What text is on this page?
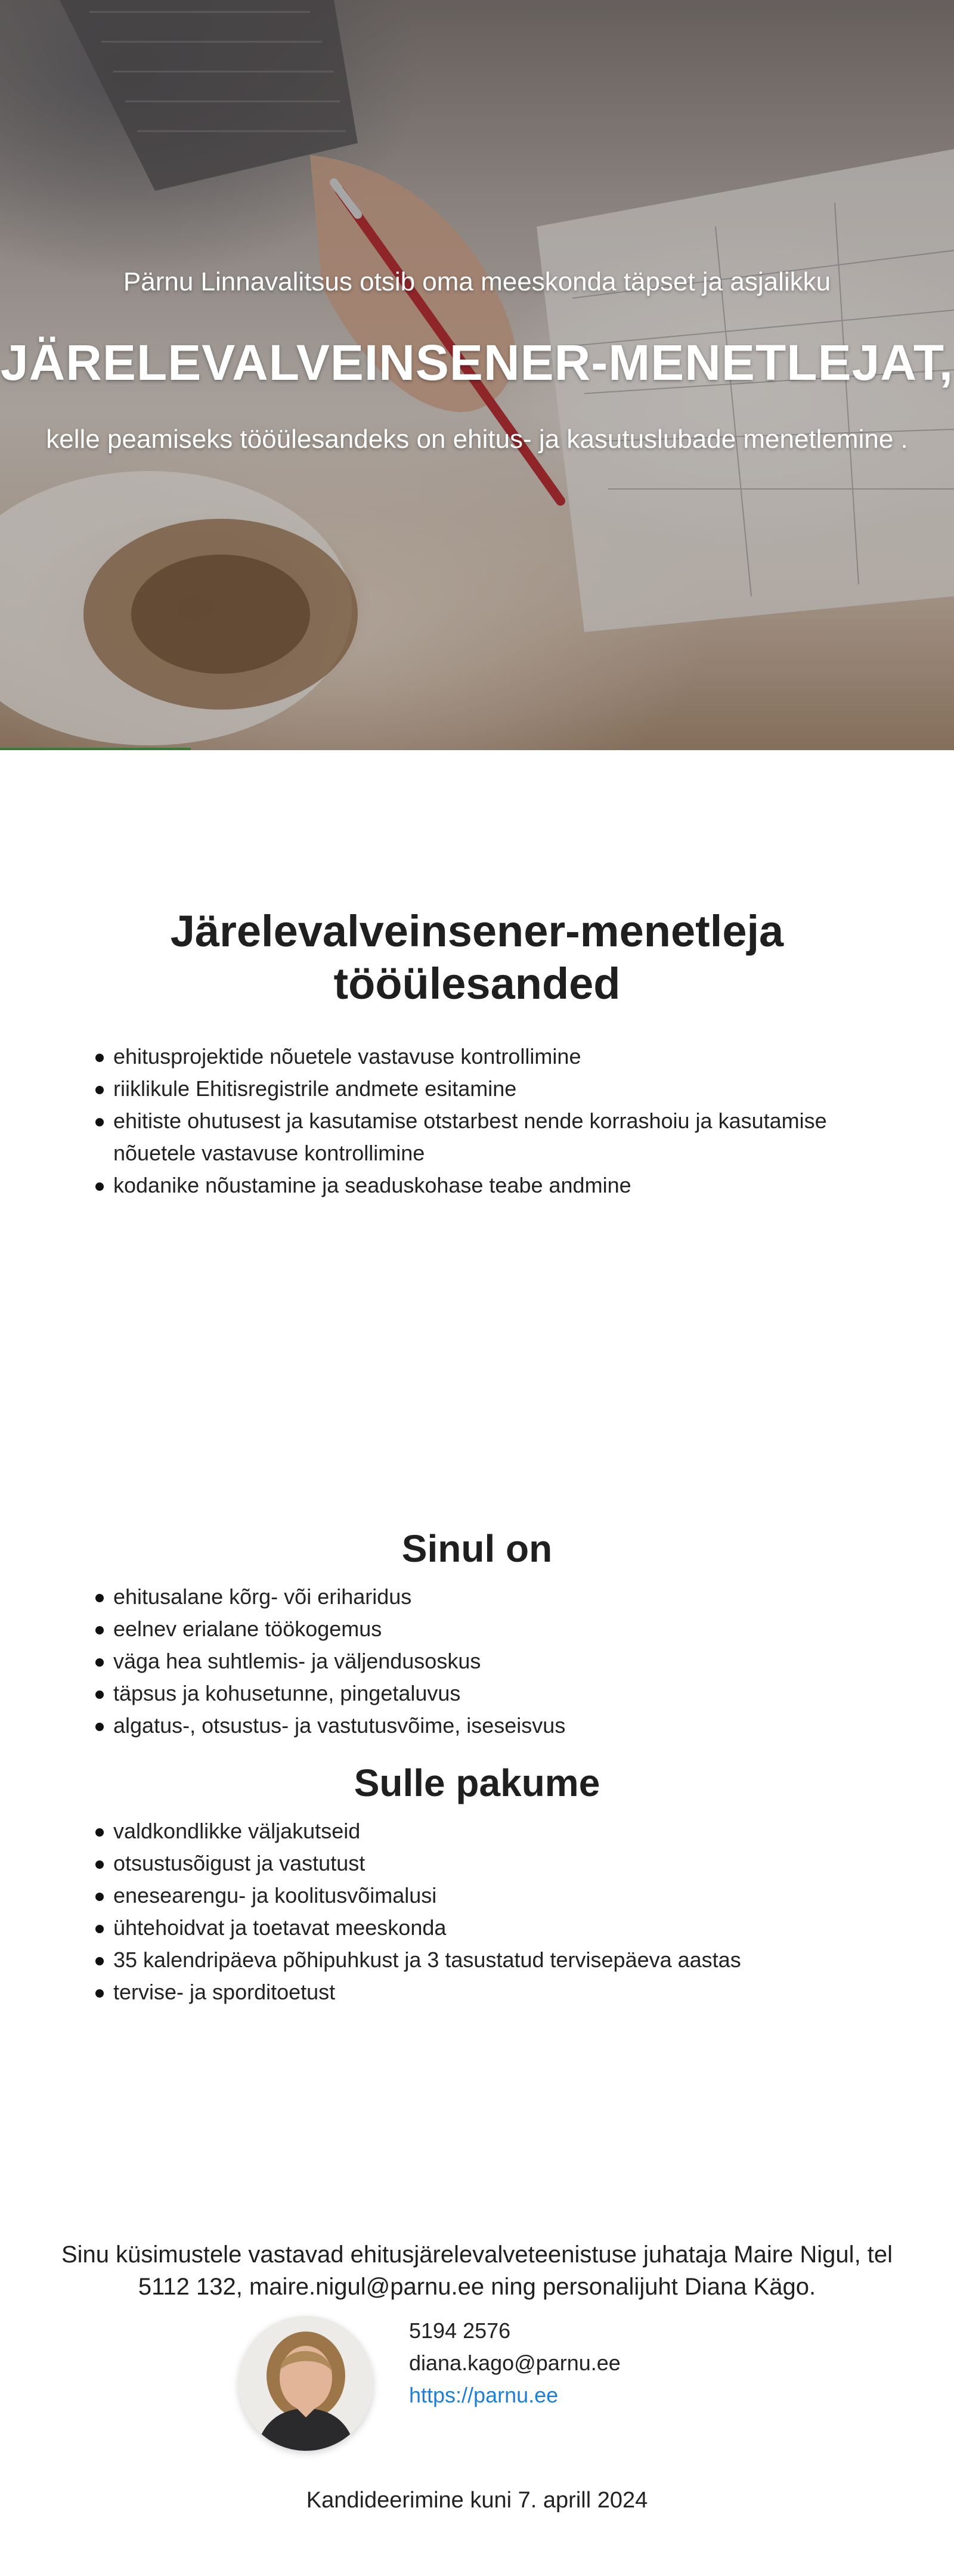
Pärnu Linnavalitsus otsib oma meeskonda täpset ja asjalikku
JÄRELEVALVEINSENER-MENETLEJAT,
kelle peamiseks tööülesandeks on ehitus- ja kasutuslubade menetlemine .
Järelevalveinsener-menetleja tööülesanded
ehitusprojektide nõuetele vastavuse kontrollimine
riiklikule Ehitisregistrile andmete esitamine
ehitiste ohutusest ja kasutamise otstarbest nende korrashoiu ja kasutamise nõuetele vastavuse kontrollimine
kodanike nõustamine ja seaduskohase teabe andmine
Sinul on
ehitusalane kõrg- või eriharidus
eelnev erialane töökogemus
väga hea suhtlemis- ja väljendusoskus
täpsus ja kohusetunne, pingetaluvus
algatus-, otsustus- ja vastutusvõime, iseseisvus
Sulle pakume
valdkondlikke väljakutseid
otsustusõigust ja vastutust
enesearengu- ja koolitusvõimalusi
ühtehoidvat ja toetavat meeskonda
35 kalendripäeva põhipuhkust ja 3 tasustatud tervisepäeva aastas
tervise- ja sporditoetust

Sinu küsimustele vastavad ehitusjärelevalveteenistuse juhataja Maire Nigul, tel 5112 132, maire.nigul@parnu.ee ning personalijuht Diana Kägo.

5194 2576
diana.kago@parnu.ee
https://parnu.ee
Kandideerimine kuni 7. aprill 2024
